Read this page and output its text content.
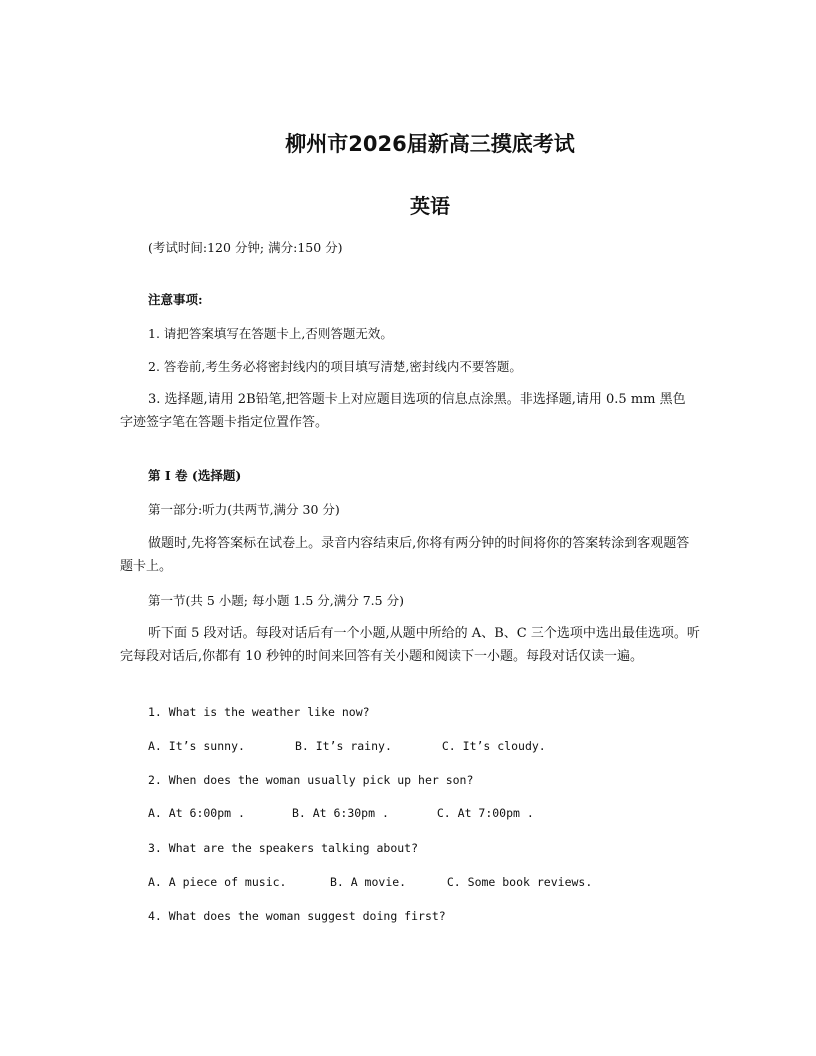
柳州市2026届新高三摸底考试
英语
(考试时间:120 分钟; 满分:150 分)
注意事项:
1. 请把答案填写在答题卡上,否则答题无效。
2. 答卷前,考生务必将密封线内的项目填写清楚,密封线内不要答题。
3. 选择题,请用 2B铅笔,把答题卡上对应题目选项的信息点涂黑。非选择题,请用 0.5 mm 黑色字迹签字笔在答题卡指定位置作答。
第 Ⅰ 卷 (选择题)
第一部分:听力(共两节,满分 30 分)
做题时,先将答案标在试卷上。录音内容结束后,你将有两分钟的时间将你的答案转涂到客观题答题卡上。
第一节(共 5 小题; 每小题 1.5 分,满分 7.5 分)
听下面 5 段对话。每段对话后有一个小题,从题中所给的 A、B、C 三个选项中选出最佳选项。听完每段对话后,你都有 10 秒钟的时间来回答有关小题和阅读下一小题。每段对话仅读一遍。
1. What is the weather like now?
A. It’s sunny.	B. It’s rainy.	C. It’s cloudy.
2. When does the woman usually pick up her son?
A. At 6:00pm .	B. At 6:30pm .	C. At 7:00pm .
3. What are the speakers talking about?
A. A piece of music.	B. A movie.	C. Some book reviews.
4. What does the woman suggest doing first?
